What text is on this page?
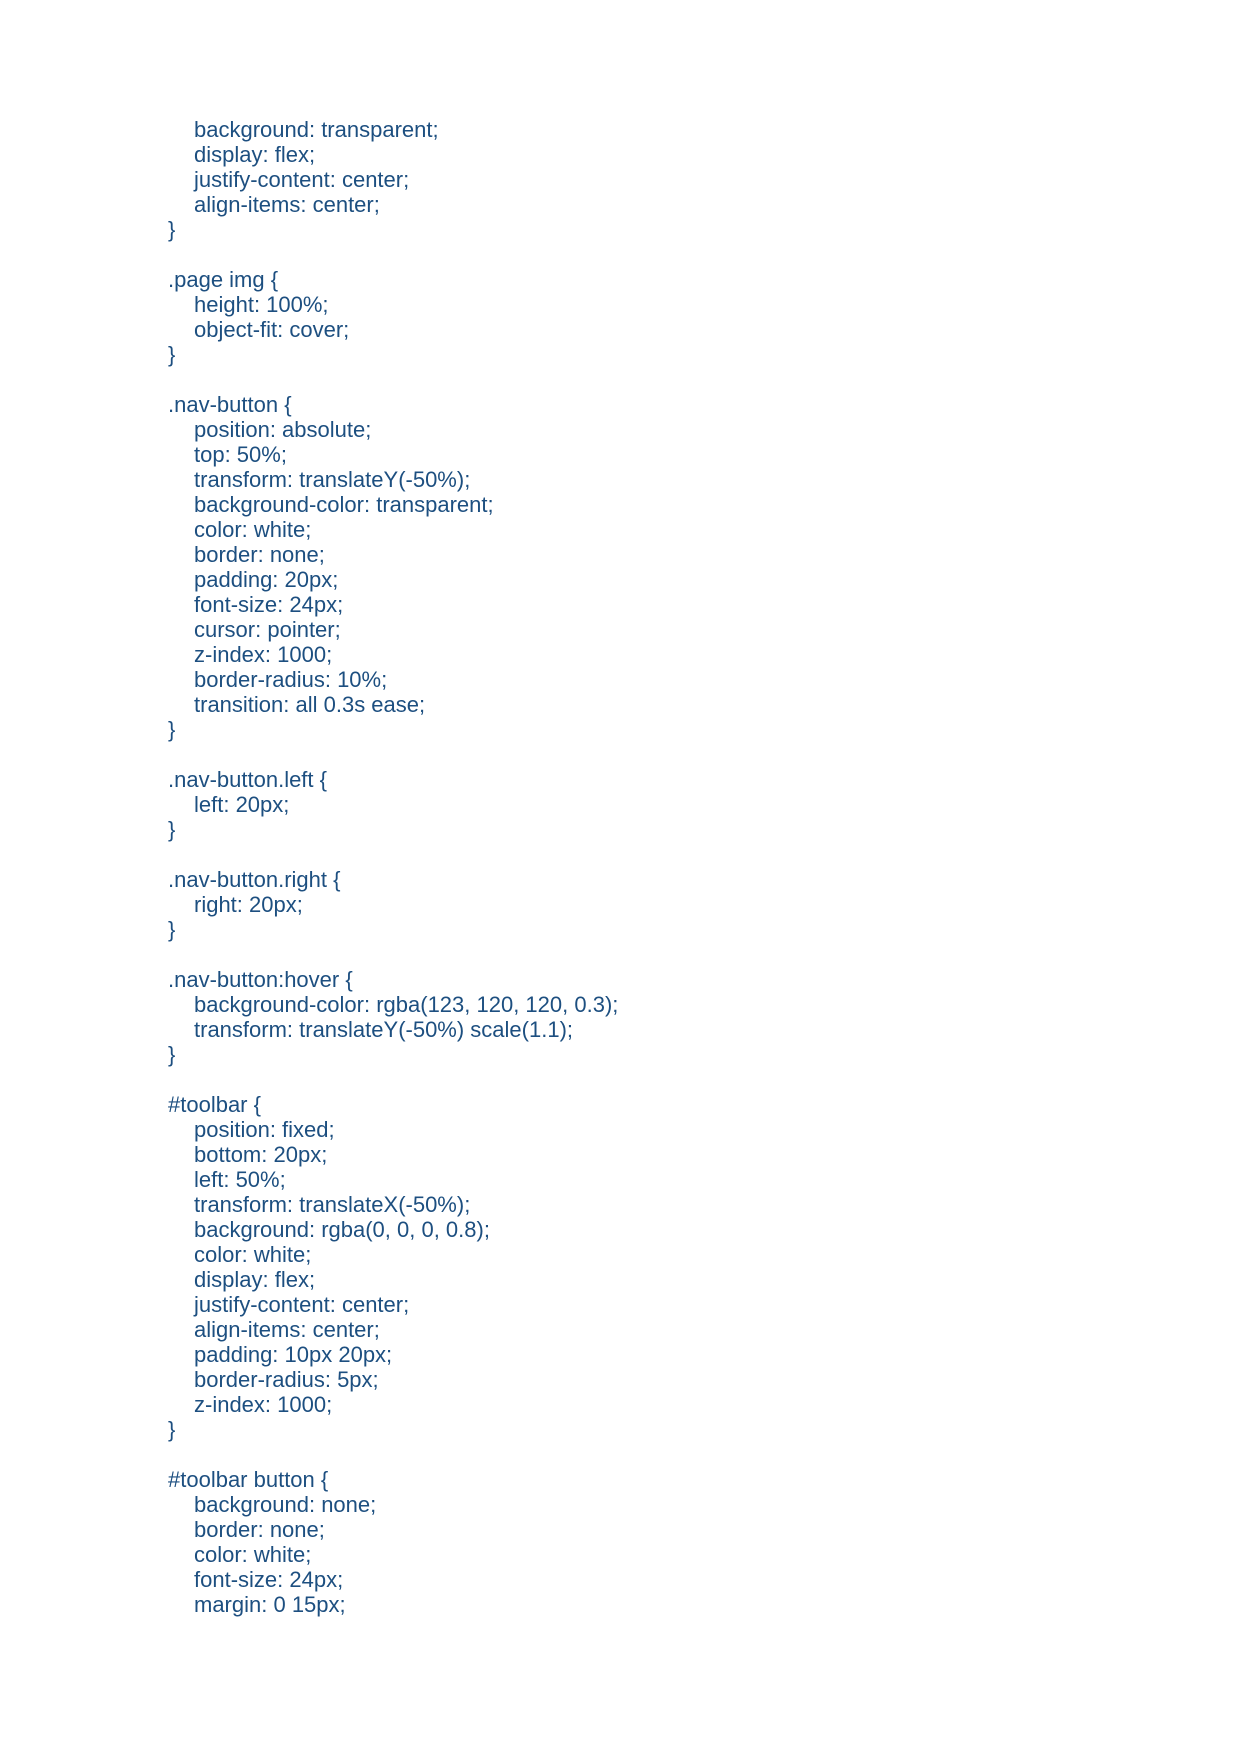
background: transparent;
display: flex;
justify-content: center;
align-items: center;
}
.page img {
height: 100%;
object-fit: cover;
}
.nav-button {
position: absolute;
top: 50%;
transform: translateY(-50%);
background-color: transparent;
color: white;
border: none;
padding: 20px;
font-size: 24px;
cursor: pointer;
z-index: 1000;
border-radius: 10%;
transition: all 0.3s ease;
}
.nav-button.left {
left: 20px;
}
.nav-button.right {
right: 20px;
}
.nav-button:hover {
background-color: rgba(123, 120, 120, 0.3);
transform: translateY(-50%) scale(1.1);
}
#toolbar {
position: fixed;
bottom: 20px;
left: 50%;
transform: translateX(-50%);
background: rgba(0, 0, 0, 0.8);
color: white;
display: flex;
justify-content: center;
align-items: center;
padding: 10px 20px;
border-radius: 5px;
z-index: 1000;
}
#toolbar button {
background: none;
border: none;
color: white;
font-size: 24px;
margin: 0 15px;
